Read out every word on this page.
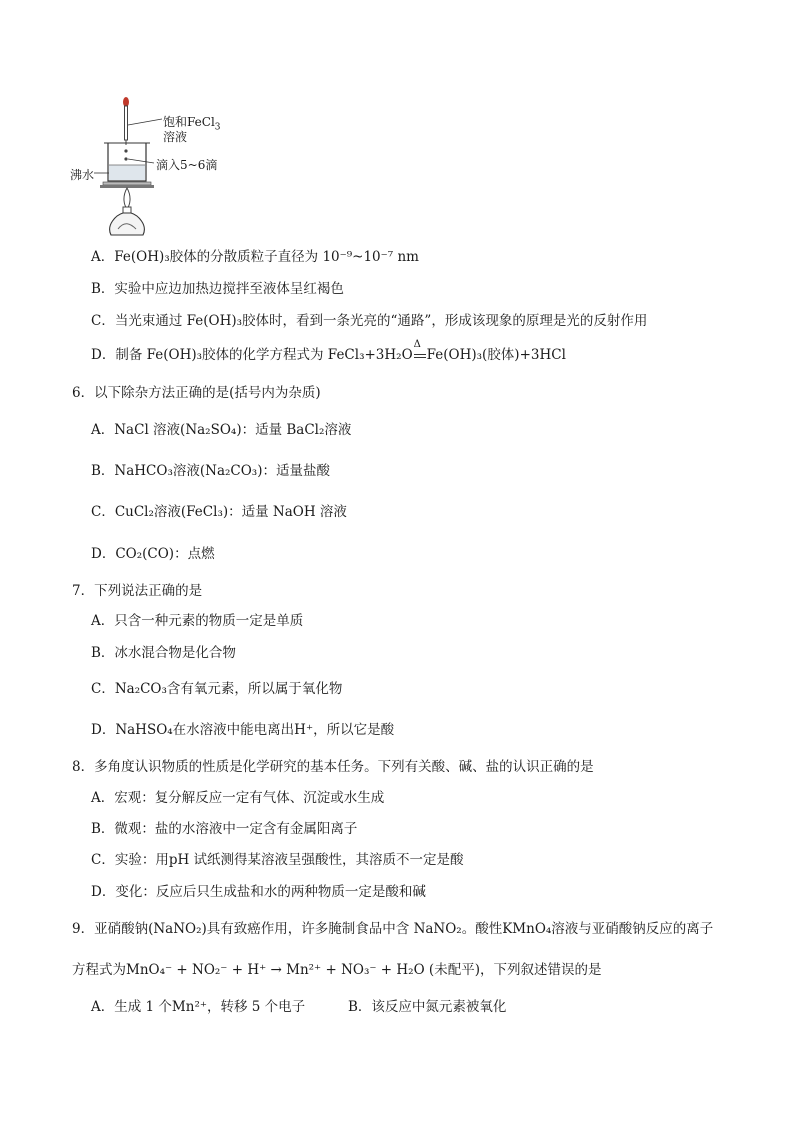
饱和FeCl$_3$
溶液
滴入5~6滴
沸水
A．Fe(OH)₃胶体的分散质粒子直径为 10⁻⁹~10⁻⁷ nm
B．实验中应边加热边搅拌至液体呈红褐色
C．当光束通过 Fe(OH)₃胶体时，看到一条光亮的“通路”，形成该现象的原理是光的反射作用
D．制备 Fe(OH)₃胶体的化学方程式为 FeCl₃+3H₂O
Δ
Fe(OH)₃(胶体)+3HCl
6．以下除杂方法正确的是(括号内为杂质)
A．NaCl 溶液(Na₂SO₄)：适量 BaCl₂溶液
B．NaHCO₃溶液(Na₂CO₃)：适量盐酸
C．CuCl₂溶液(FeCl₃)：适量 NaOH 溶液
D．CO₂(CO)：点燃
7．下列说法正确的是
A．只含一种元素的物质一定是单质
B．冰水混合物是化合物
C．Na₂CO₃含有氧元素，所以属于氧化物
D．NaHSO₄在水溶液中能电离出H⁺，所以它是酸
8．多角度认识物质的性质是化学研究的基本任务。下列有关酸、碱、盐的认识正确的是
A．宏观：复分解反应一定有气体、沉淀或水生成
B．微观：盐的水溶液中一定含有金属阳离子
C．实验：用pH 试纸测得某溶液呈强酸性，其溶质不一定是酸
D．变化：反应后只生成盐和水的两种物质一定是酸和碱
9．亚硝酸钠(NaNO₂)具有致癌作用，许多腌制食品中含 NaNO₂。酸性KMnO₄溶液与亚硝酸钠反应的离子
方程式为MnO₄⁻ + NO₂⁻ + H⁺ → Mn²⁺ + NO₃⁻ + H₂O (未配平)，下列叙述错误的是
A．生成 1 个Mn²⁺，转移 5 个电子	B．该反应中氮元素被氧化
